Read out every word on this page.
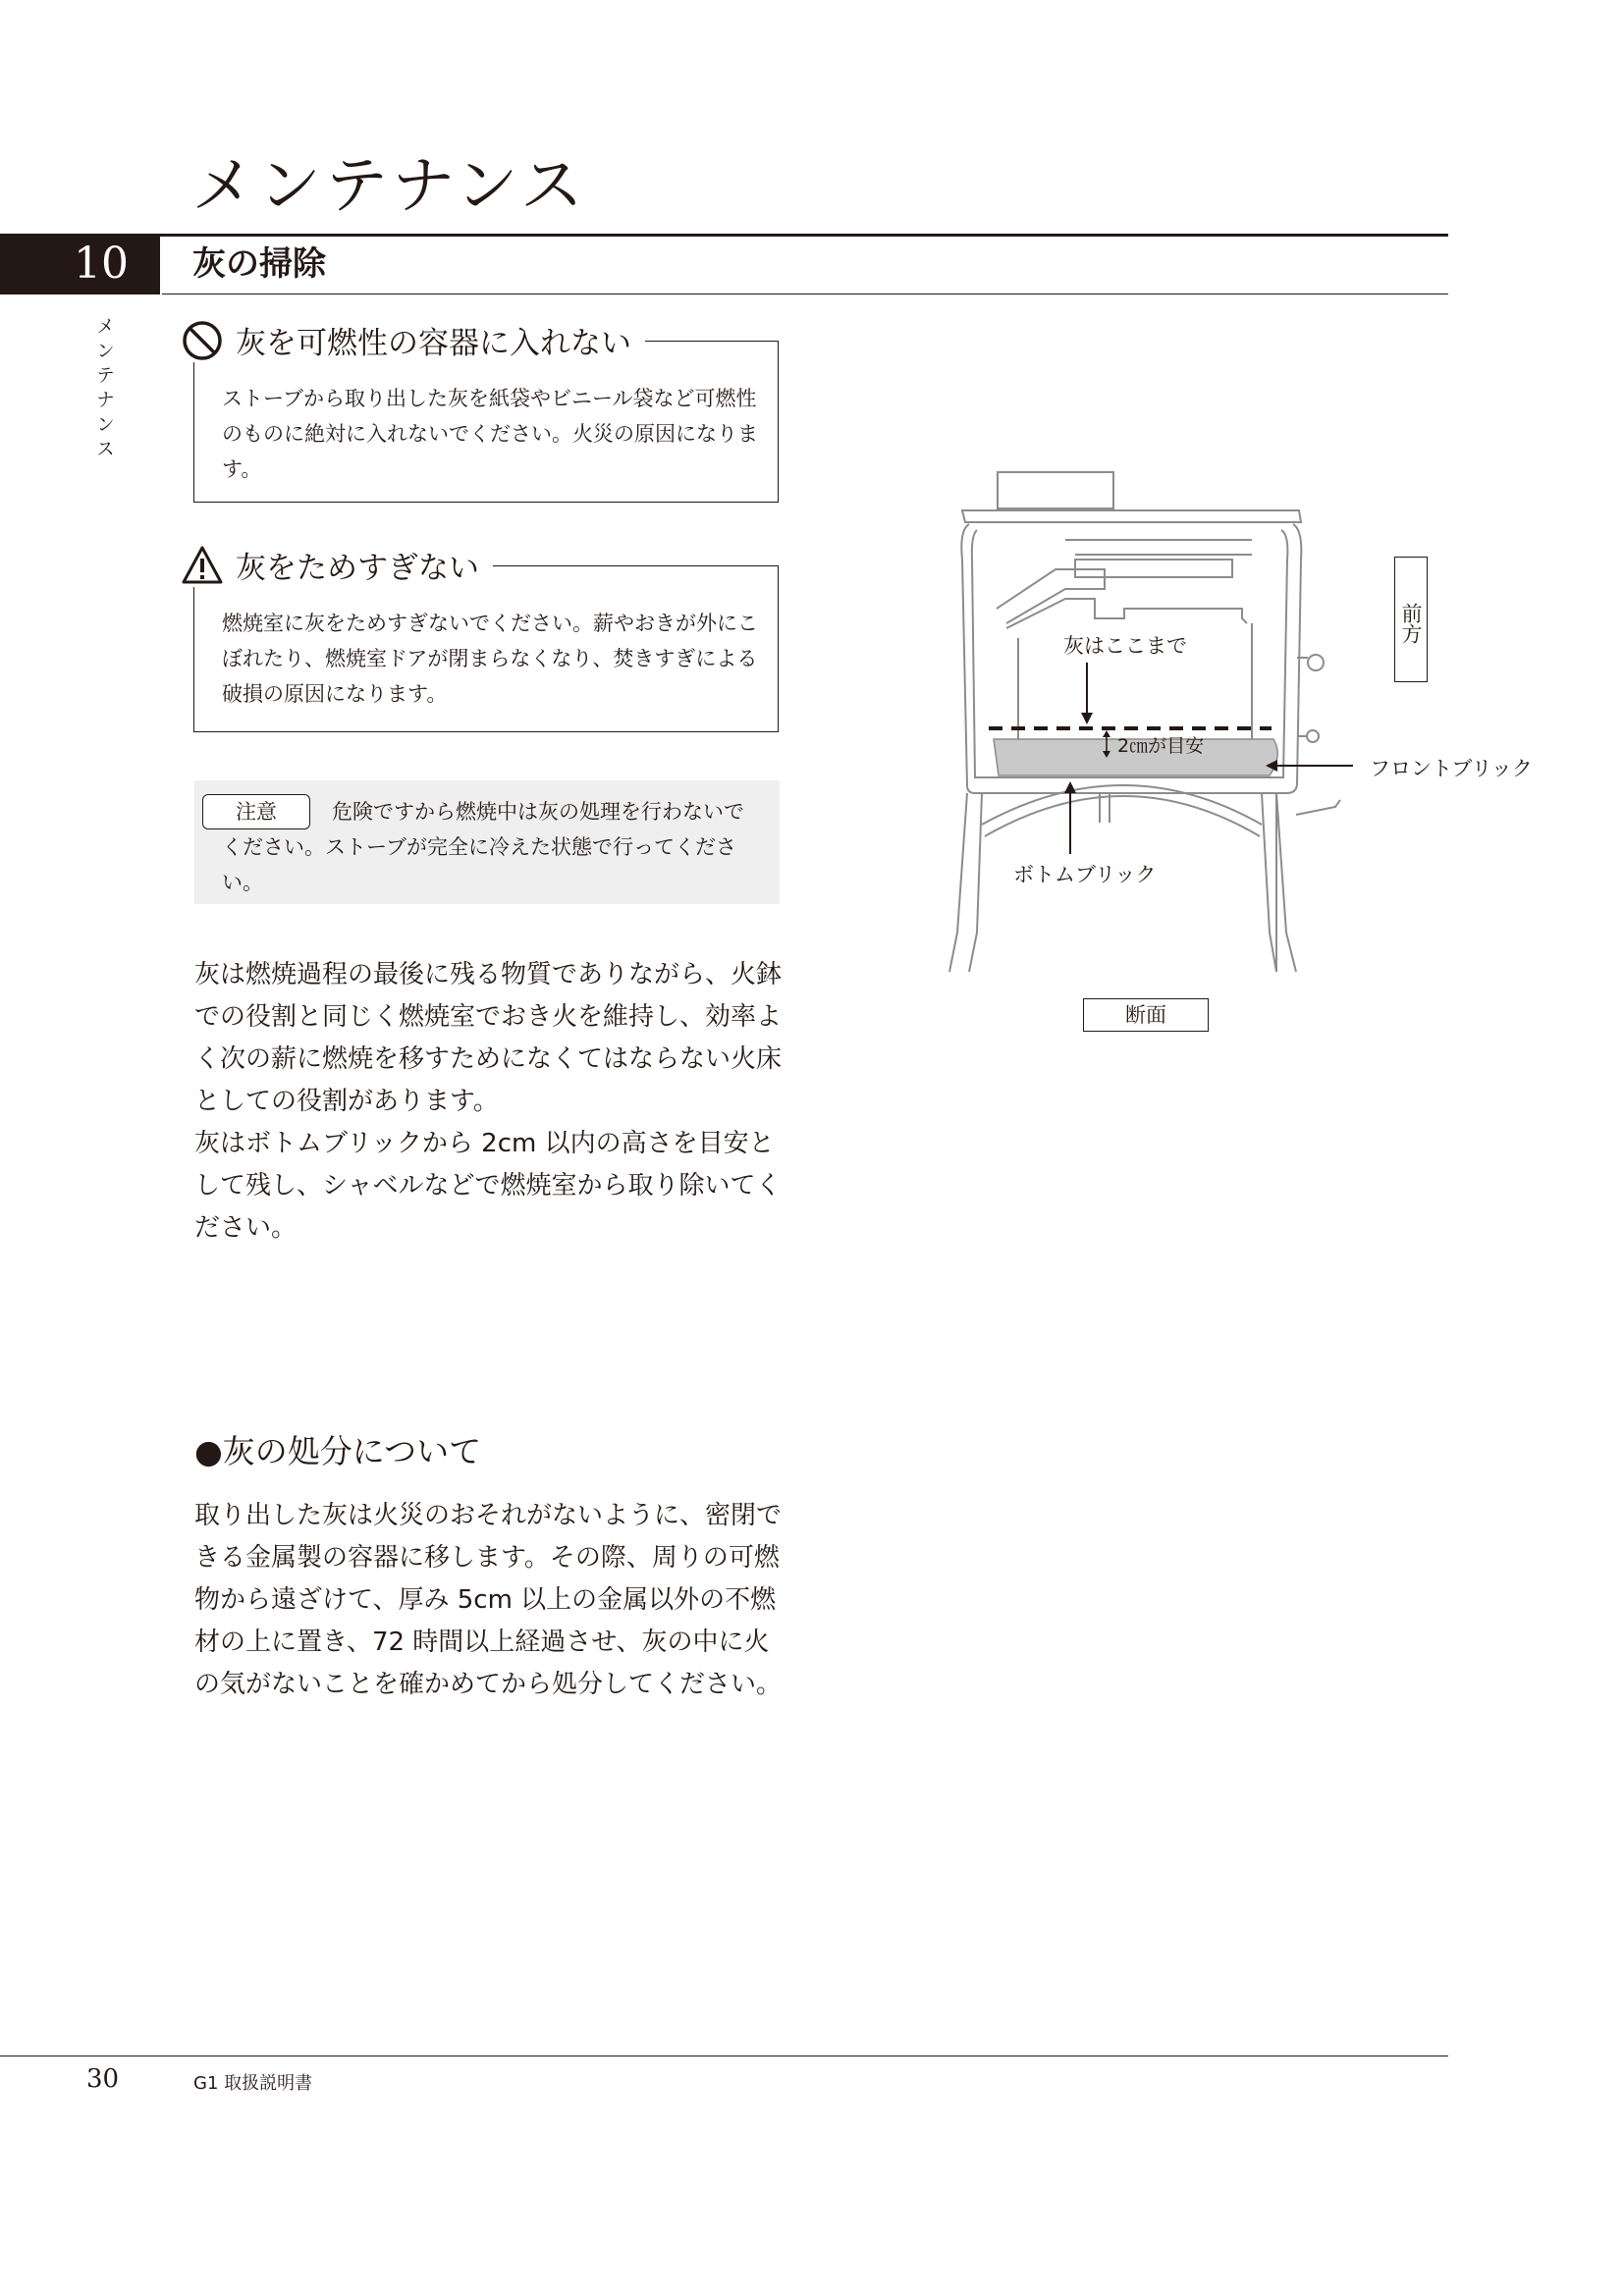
メンテナンス
10	灰の掃除
メンテナンス	灰を可燃性の容器に入れない

ストーブから取り出した灰を紙袋やビニール袋など可燃性のものに絶対に入れないでください。火災の原因になります。

灰をためすぎない

燃焼室に灰をためすぎないでください。薪やおきが外にこぼれたり、燃焼室ドアが閉まらなくなり、焚きすぎによる破損の原因になります。

危険ですから燃焼中は灰の処理を行わないでください。ストーブが完全に冷えた状態で行ってください。

注意

灰は燃焼過程の最後に残る物質でありながら、火鉢での役割と同じく燃焼室でおき火を維持し、効率よく次の薪に燃焼を移すためになくてはならない火床としての役割があります。

灰はボトムブリックから 2cm 以内の高さを目安として残し、シャベルなどで燃焼室から取り除いてください。

●灰の処分について

取り出した灰は火災のおそれがないように、密閉できる金属製の容器に移します。その際、周りの可燃物から遠ざけて、厚み 5cm 以上の金属以外の不燃材の上に置き、72 時間以上経過させ、灰の中に火の気がないことを確かめてから処分してください。

灰はここまで
2㎝が目安
フロントブリック
ボトムブリック
前方
断面
30	G1 取扱説明書
